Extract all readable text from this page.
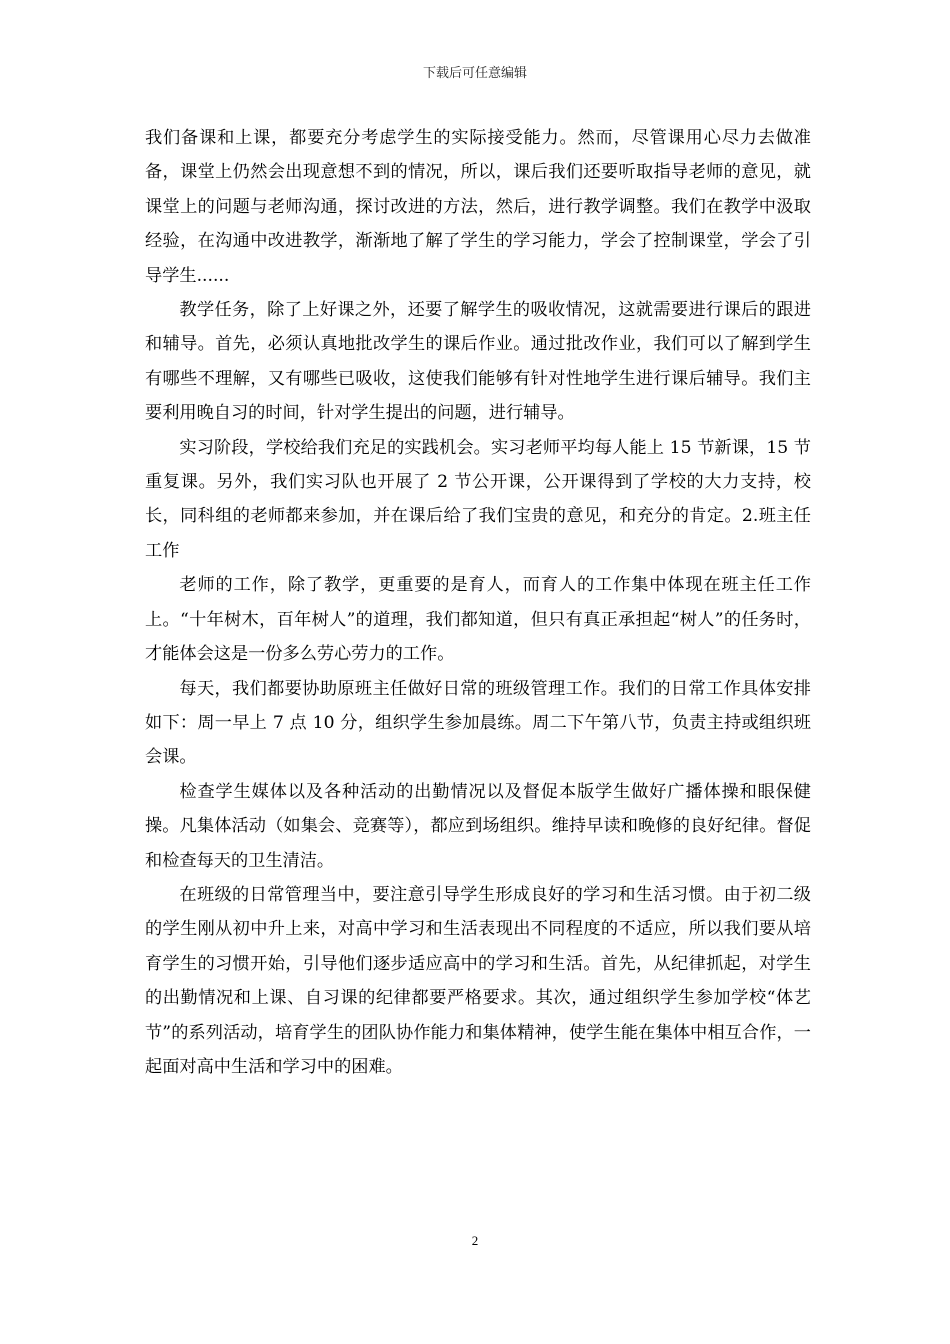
下载后可任意编辑

我们备课和上课，都要充分考虑学生的实际接受能力。然而，尽管课用心尽力去做准备，课堂上仍然会出现意想不到的情况，所以，课后我们还要听取指导老师的意见，就课堂上的问题与老师沟通，探讨改进的方法，然后，进行教学调整。我们在教学中汲取经验，在沟通中改进教学，渐渐地了解了学生的学习能力，学会了控制课堂，学会了引导学生......

教学任务，除了上好课之外，还要了解学生的吸收情况，这就需要进行课后的跟进和辅导。首先，必须认真地批改学生的课后作业。通过批改作业，我们可以了解到学生有哪些不理解，又有哪些已吸收，这使我们能够有针对性地学生进行课后辅导。我们主要利用晚自习的时间，针对学生提出的问题，进行辅导。

实习阶段，学校给我们充足的实践机会。实习老师平均每人能上 15 节新课，15 节重复课。另外，我们实习队也开展了 2 节公开课，公开课得到了学校的大力支持，校长，同科组的老师都来参加，并在课后给了我们宝贵的意见，和充分的肯定。2.班主任工作

老师的工作，除了教学，更重要的是育人，而育人的工作集中体现在班主任工作上。“十年树木，百年树人”的道理，我们都知道，但只有真正承担起“树人”的任务时，才能体会这是一份多么劳心劳力的工作。

每天，我们都要协助原班主任做好日常的班级管理工作。我们的日常工作具体安排如下：周一早上 7 点 10 分，组织学生参加晨练。周二下午第八节，负责主持或组织班会课。

检查学生媒体以及各种活动的出勤情况以及督促本版学生做好广播体操和眼保健操。凡集体活动（如集会、竞赛等），都应到场组织。维持早读和晚修的良好纪律。督促和检查每天的卫生清洁。

在班级的日常管理当中，要注意引导学生形成良好的学习和生活习惯。由于初二级的学生刚从初中升上来，对高中学习和生活表现出不同程度的不适应，所以我们要从培育学生的习惯开始，引导他们逐步适应高中的学习和生活。首先，从纪律抓起，对学生的出勤情况和上课、自习课的纪律都要严格要求。其次，通过组织学生参加学校“体艺节”的系列活动，培育学生的团队协作能力和集体精神，使学生能在集体中相互合作，一起面对高中生活和学习中的困难。

2
